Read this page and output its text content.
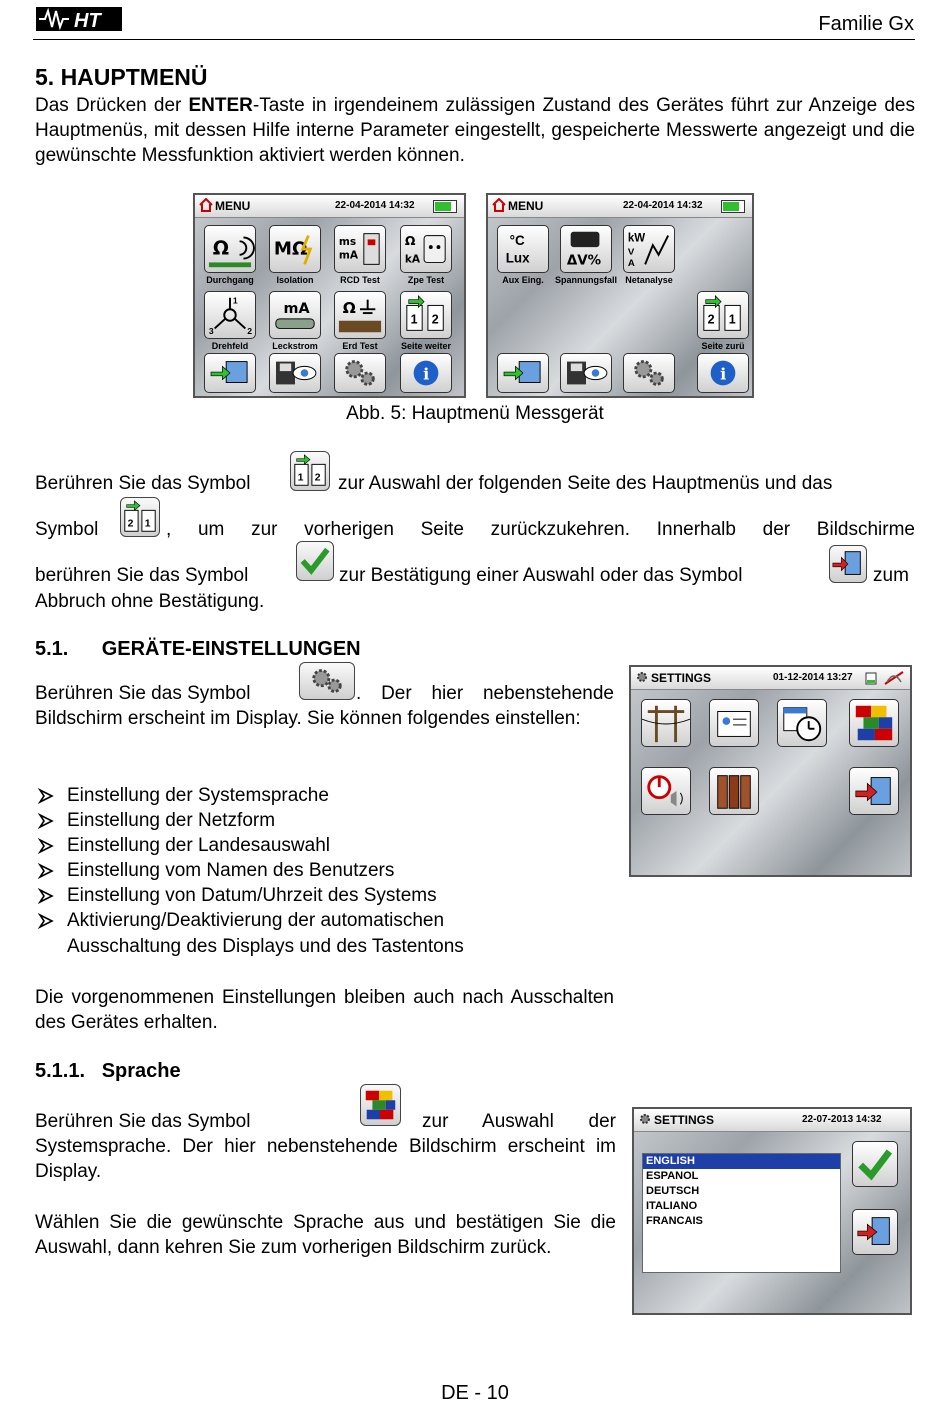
HT	Familie Gx
5. HAUPTMENÜ
Das Drücken der ENTER-Taste in irgendeinem zulässigen Zustand des Gerätes führt zur Anzeige des Hauptmenüs, mit dessen Hilfe interne Parameter eingestellt, gespeicherte Messwerte angezeigt und die gewünschte Messfunktion aktiviert werden können.
MENU	22-04-2014 14:32
Ω MΩ	ms
mA
Ω
kA
Durchgang	Isolation	RCD Test	Zpe Test
3	2
1
mA Ω
1 2
Drehfeld	Leckstrom	Erd Test	Seite weiter
i
MENU	22-04-2014 14:32
°C
Lux	ΔV%
kW
V
A
Aux Eing.	Spannungsfall Netanalyse
2 1
Seite zurü
i
Abb. 5: Hauptmenü Messgerät
Berühren Sie das Symbol	1 2 zur Auswahl der folgenden Seite des Hauptmenüs und das
Symbol	2 1 , um zur vorherigen Seite zurückzukehren. Innerhalb der Bildschirme
berühren Sie das Symbol	zur Bestätigung einer Auswahl oder das Symbol	zum
Abbruch ohne Bestätigung.
5.1.      GERÄTE-EINSTELLUNGEN
Berühren Sie das Symbol	. Der hier nebenstehende
Bildschirm erscheint im Display. Sie können folgendes einstellen:
Einstellung der Systemsprache
Einstellung der Netzform
Einstellung der Landesauswahl
Einstellung vom Namen des Benutzers
Einstellung von Datum/Uhrzeit des Systems
Aktivierung/Deaktivierung der automatischen
Ausschaltung des Displays und des Tastentons
Die vorgenommenen Einstellungen bleiben auch nach Ausschalten des Gerätes erhalten.
SETTINGS	01-12-2014 13:27
5.1.1.   Sprache
Berühren Sie das Symbol	zur Auswahl der
Systemsprache. Der hier nebenstehende Bildschirm erscheint im Display.
Wählen Sie die gewünschte Sprache aus und bestätigen Sie die Auswahl, dann kehren Sie zum vorherigen Bildschirm zurück.
SETTINGS	22-07-2013 14:32
ENGLISH
ESPANOL
DEUTSCH
ITALIANO
FRANCAIS
DE - 10
